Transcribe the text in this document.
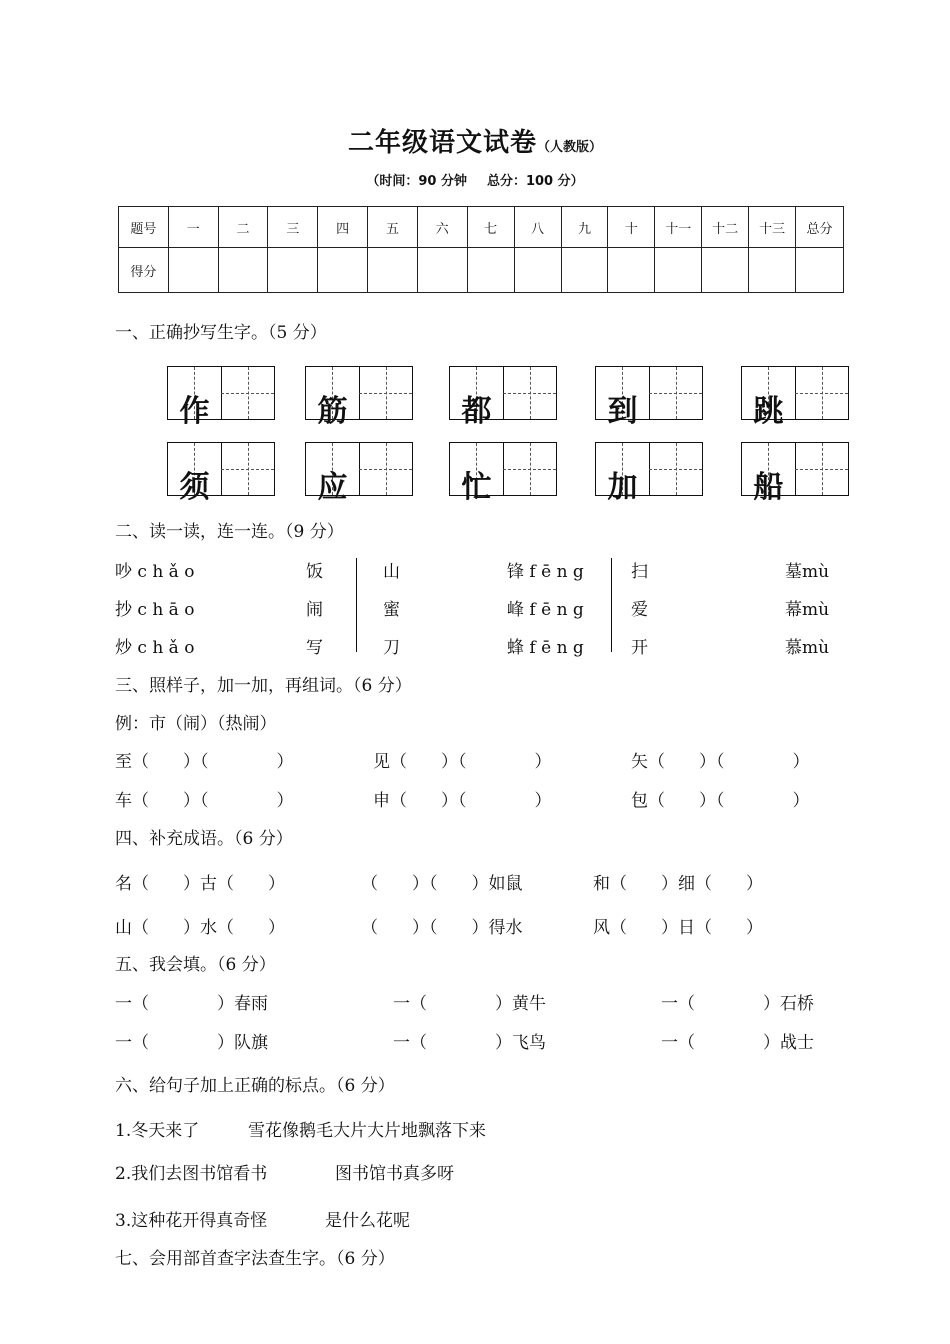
二年级语文试卷（人教版）
（时间：90 分钟 总分：100 分）
题号	一	二	三	四	五	六	七	八	九	十	十一	十二	十三	总分
得分														
一、正确抄写生字。（5 分）
作	筋	都	到	跳
须	应	忙	加	船
二、读一读，连一连。（9 分）
吵 c h ǎ o	饭	山	锋 f ē n g	扫	墓mù
抄 c h ā o	闹	蜜	峰 f ē n g	爱	幕mù
炒 c h ǎ o	写	刀	蜂 f ē n g	开	慕mù
三、照样子，加一加，再组词。（6 分）
例：市（闹）（热闹）
至（　　）（　　　　）	见（　　）（　　　　）	矢（　　）（　　　　）
车（　　）（　　　　）	申（　　）（　　　　）	包（　　）（　　　　）
四、补充成语。（6 分）
名（　　）古（　　）	（　　）（　　）如鼠	和（　　）细（　　）
山（　　）水（　　）	（　　）（　　）得水	风（　　）日（　　）
五、我会填。（6 分）
一（　　　　）春雨	一（　　　　）黄牛	一（　　　　）石桥
一（　　　　）队旗	一（　　　　）飞鸟	一（　　　　）战士
六、给句子加上正确的标点。（6 分）
1.冬天来了	雪花像鹅毛大片大片地飘落下来
2.我们去图书馆看书	图书馆书真多呀
3.这种花开得真奇怪	是什么花呢
七、会用部首查字法查生字。（6 分）
